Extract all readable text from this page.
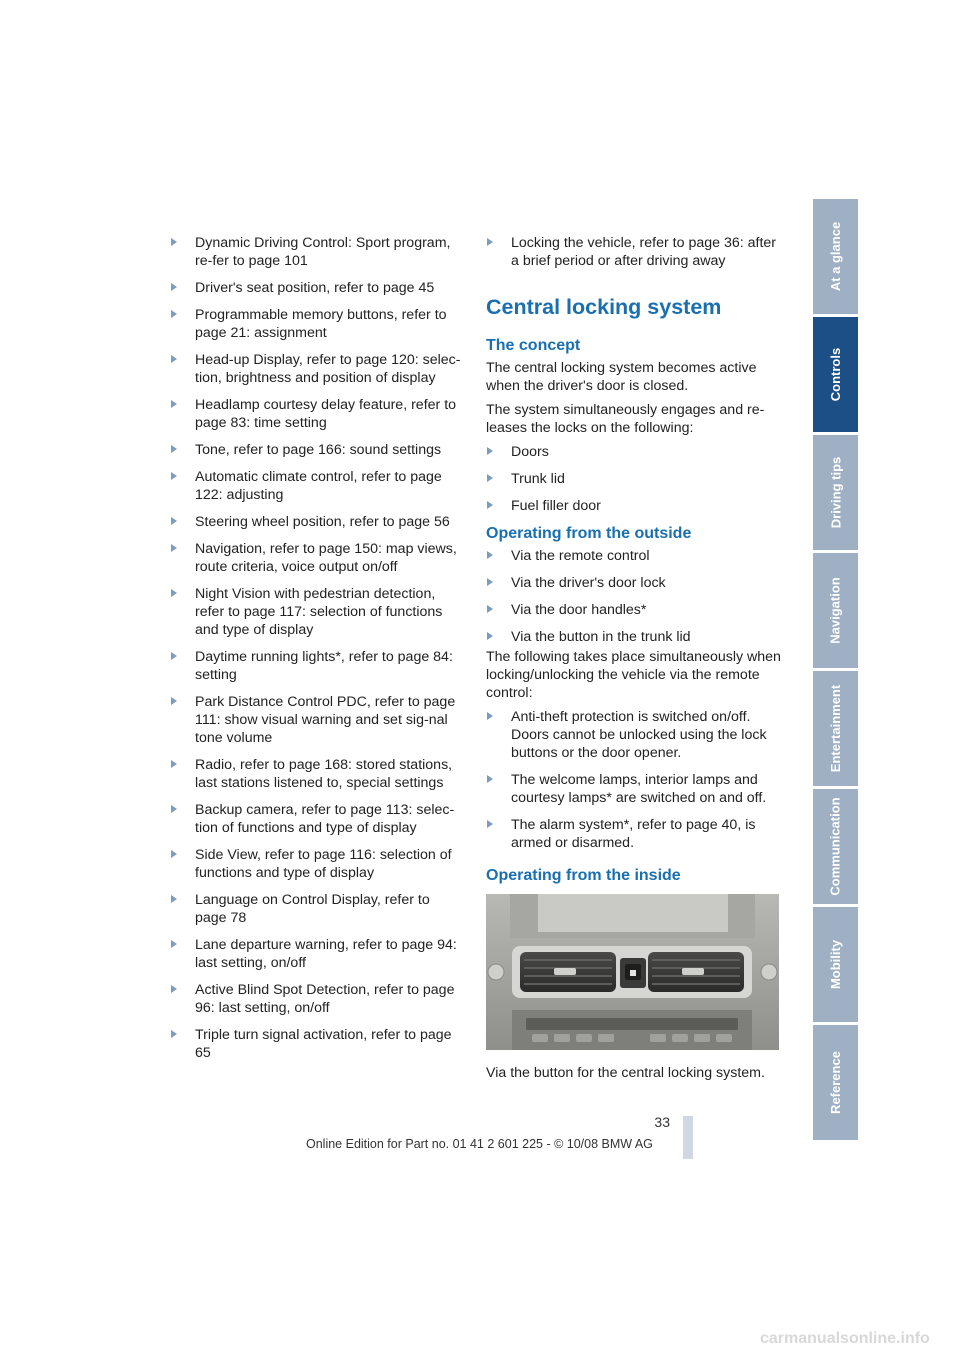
Dynamic Driving Control: Sport program, re-fer to page 101
Driver's seat position, refer to page 45
Programmable memory buttons, refer to page 21: assignment
Head-up Display, refer to page 120: selec-tion, brightness and position of display
Headlamp courtesy delay feature, refer to page 83: time setting
Tone, refer to page 166: sound settings
Automatic climate control, refer to page 122: adjusting
Steering wheel position, refer to page 56
Navigation, refer to page 150: map views, route criteria, voice output on/off
Night Vision with pedestrian detection, refer to page 117: selection of functions and type of display
Daytime running lights*, refer to page 84: setting
Park Distance Control PDC, refer to page 111: show visual warning and set sig-nal tone volume
Radio, refer to page 168: stored stations, last stations listened to, special settings
Backup camera, refer to page 113: selec-tion of functions and type of display
Side View, refer to page 116: selection of functions and type of display
Language on Control Display, refer to page 78
Lane departure warning, refer to page 94: last setting, on/off
Active Blind Spot Detection, refer to page 96: last setting, on/off
Triple turn signal activation, refer to page 65
Locking the vehicle, refer to page 36: after a brief period or after driving away
Central locking system
The concept

The central locking system becomes active when the driver's door is closed.

The system simultaneously engages and re-leases the locks on the following:

Doors
Trunk lid
Fuel filler door
Operating from the outside
Via the remote control
Via the driver's door lock
Via the door handles*
Via the button in the trunk lid

The following takes place simultaneously when locking/unlocking the vehicle via the remote control:

Anti-theft protection is switched on/off. Doors cannot be unlocked using the lock buttons or the door opener.
The welcome lamps, interior lamps and courtesy lamps* are switched on and off.
The alarm system*, refer to page 40, is armed or disarmed.
Operating from the inside

Via the button for the central locking system.

At a glance
Controls
Driving tips
Navigation
Entertainment
Communication
Mobility
Reference
33
Online Edition for Part no. 01 41 2 601 225 - © 10/08 BMW AG
carmanualsonline.info
